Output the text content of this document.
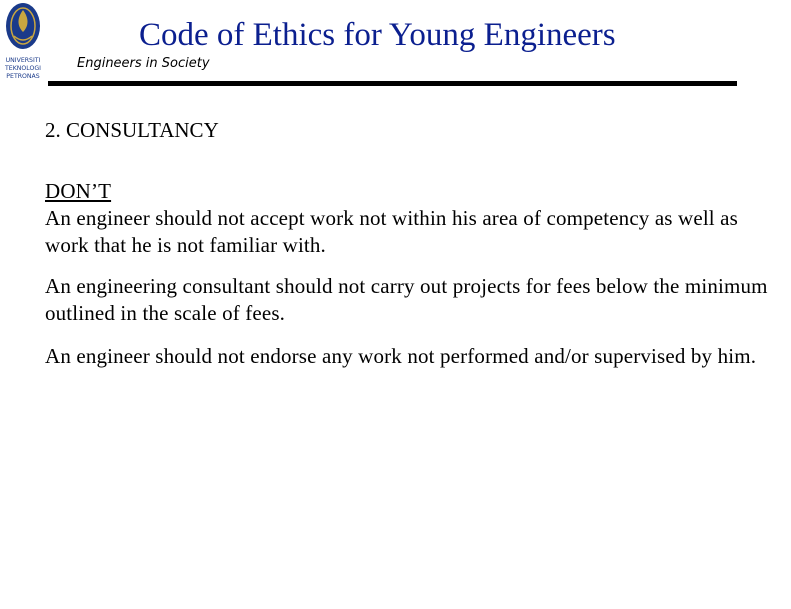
UNIVERSITI
TEKNOLOGI
PETRONAS
Code of Ethics for Young Engineers
Engineers in Society
2. CONSULTANCY

DON’T
An engineer should not accept work not within his area of competency as well as work that he is not familiar with.

An engineering consultant should not carry out projects for fees below the minimum outlined in the scale of fees.

An engineer should not endorse any work not performed and/or supervised by him.
